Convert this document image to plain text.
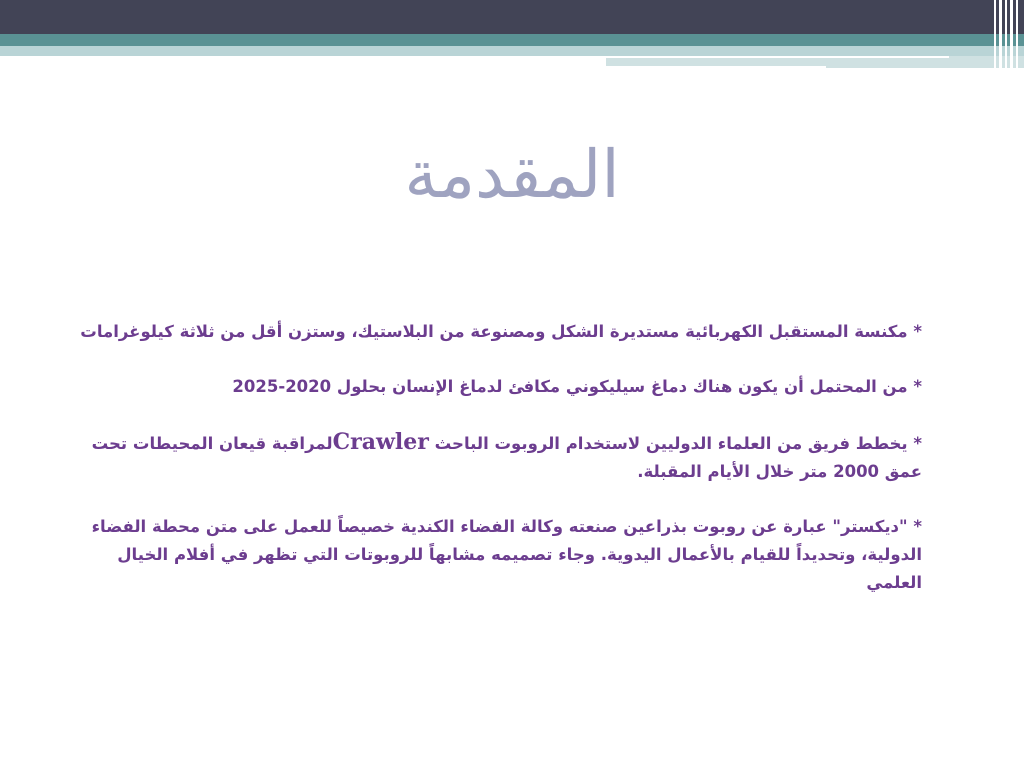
المقدمة

* مكنسة المستقبل الكهربائية مستديرة الشكل ومصنوعة من البلاستيك، وستزن أقل من ثلاثة كيلوغرامات

* من المحتمل أن يكون هناك دماغ سيليكوني مكافئ لدماغ الإنسان بحلول 2020-2025

* يخطط فريق من العلماء الدوليين لاستخدام الروبوت الباحث Crawlerلمراقبة قيعان المحيطات تحت عمق 2000 متر خلال الأيام المقبلة.

* "ديكستر" عبارة عن روبوت بذراعين صنعته وكالة الفضاء الكندية خصيصاً للعمل على متن محطة الفضاء الدولية، وتحديداً للقيام بالأعمال اليدوية. وجاء تصميمه مشابهاً للروبوتات التي تظهر في أفلام الخيال العلمي
